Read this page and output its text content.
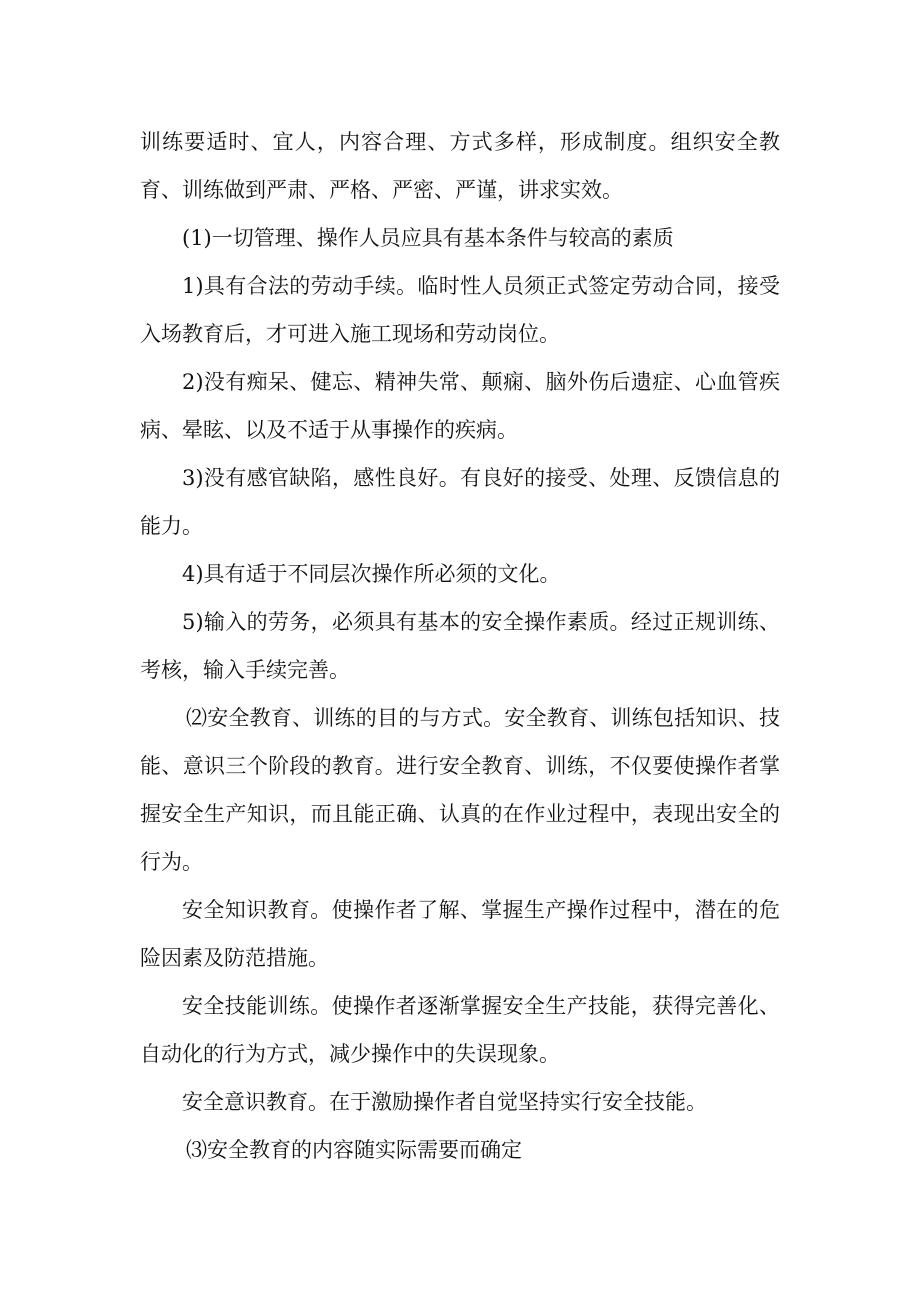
训练要适时、宜人，内容合理、方式多样，形成制度。组织安全教育、训练做到严肃、严格、严密、严谨，讲求实效。

(1)一切管理、操作人员应具有基本条件与较高的素质

1)具有合法的劳动手续。临时性人员须正式签定劳动合同，接受入场教育后，才可进入施工现场和劳动岗位。

2)没有痴呆、健忘、精神失常、颠痫、脑外伤后遗症、心血管疾病、晕眩、以及不适于从事操作的疾病。

3)没有感官缺陷，感性良好。有良好的接受、处理、反馈信息的能力。

4)具有适于不同层次操作所必须的文化。

5)输入的劳务，必须具有基本的安全操作素质。经过正规训练、考核，输入手续完善。

⑵安全教育、训练的目的与方式。安全教育、训练包括知识、技能、意识三个阶段的教育。进行安全教育、训练，不仅要使操作者掌握安全生产知识，而且能正确、认真的在作业过程中，表现出安全的行为。

安全知识教育。使操作者了解、掌握生产操作过程中，潜在的危险因素及防范措施。

安全技能训练。使操作者逐渐掌握安全生产技能，获得完善化、自动化的行为方式，减少操作中的失误现象。

安全意识教育。在于激励操作者自觉坚持实行安全技能。

⑶安全教育的内容随实际需要而确定
